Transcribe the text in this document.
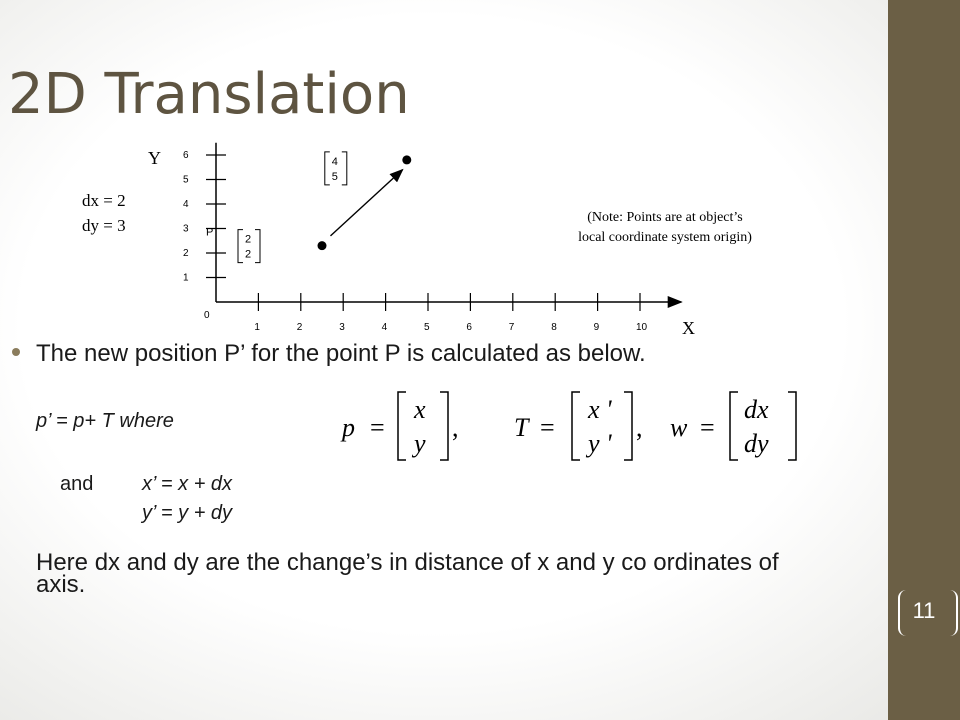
11
2D Translation
dx = 2
dy = 3
1	2	3	4	5	6	7	8	9	10
1
2
3
4
5
6
0
Y
X
2
2
P
4
5
(Note: Points are at object’s
local coordinate system origin)
The new position P’ for the point P is calculated as below.
p’ = p+ T where	p =
x
y
, T =
x '
y '
, w =
dx
dy
and x’ = x + dx
y’ = y + dy
Here dx and dy are the change’s in distance of x and y co ordinates of axis.
